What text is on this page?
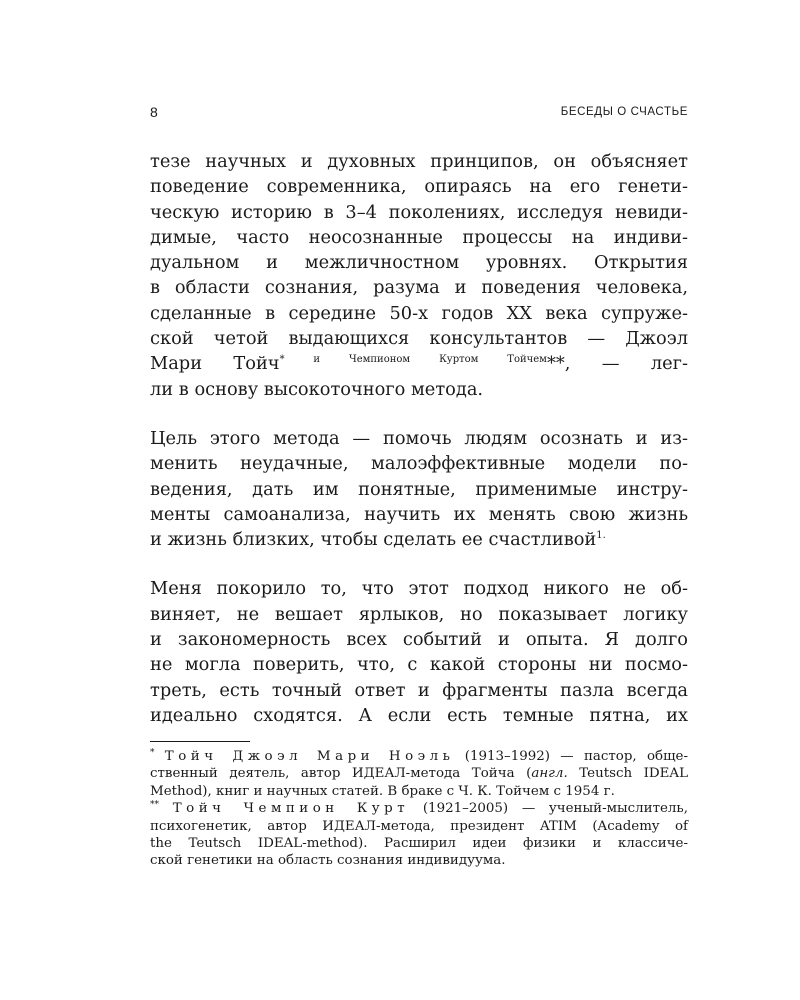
8	БЕСЕДЫ О СЧАСТЬЕ
тезе научных и духовных принципов, он объясняет
поведение современника, опираясь на его генети-
ческую историю в 3–4 поколениях, исследуя невиди-
димые, часто неосознанные процессы на индиви-
дуальном и межличностном уровнях. Открытия
в области сознания, разума и поведения человека,
сделанные в середине 50-х годов XX века супруже-
ской четой выдающихся консультантов — Джоэл
Мари Тойч$^{* и Чемпионом Куртом Тойчем}$**, — лег-
ли в основу высокоточного метода.
Цель этого метода — помочь людям осознать и из-
менить неудачные, малоэффективные модели по-
ведения, дать им понятные, применимые инстру-
менты самоанализа, научить их менять свою жизнь
и жизнь близких, чтобы сделать ее счастливой$^{1.}$
Меня покорило то, что этот подход никого не об-
виняет, не вешает ярлыков, но показывает логику
и закономерность всех событий и опыта. Я долго
не могла поверить, что, с какой стороны ни посмо-
треть, есть точный ответ и фрагменты пазла всегда
идеально сходятся. А если есть темные пятна, их
* Тойч Джоэл Мари Ноэль (1913–1992) — пастор, обще-
ственный деятель, автор ИДЕАЛ-метода Тойча (англ. Teutsch IDEAL
Method), книг и научных статей. В браке с Ч. К. Тойчем с 1954 г.
** Тойч Чемпион Курт (1921–2005) — ученый-мыслитель,
психогенетик, автор ИДЕАЛ-метода, президент ATIM (Academy of
the Teutsch IDEAL-method). Расширил идеи физики и классиче-
ской генетики на область сознания индивидуума.
